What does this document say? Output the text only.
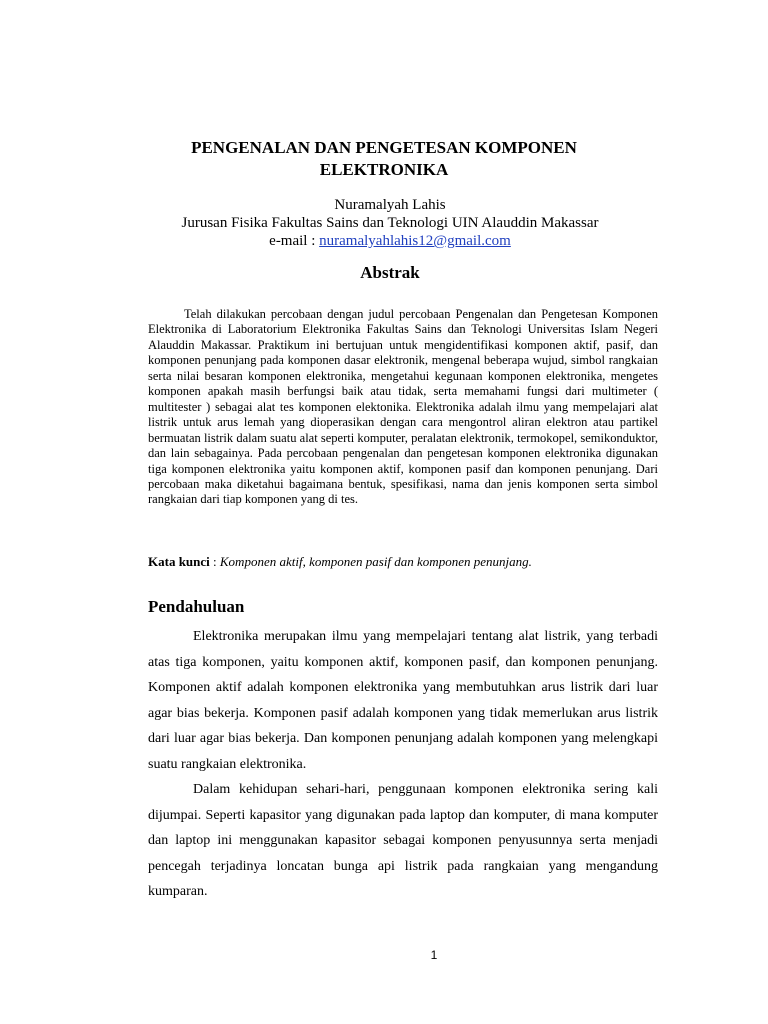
PENGENALAN DAN PENGETESAN KOMPONEN
ELEKTRONIKA
Nuramalyah Lahis
Jurusan Fisika Fakultas Sains dan Teknologi UIN Alauddin Makassar
e-mail : nuramalyahlahis12@gmail.com
Abstrak
Telah dilakukan percobaan dengan judul percobaan Pengenalan dan Pengetesan Komponen Elektronika di Laboratorium Elektronika Fakultas Sains dan Teknologi Universitas Islam Negeri Alauddin Makassar. Praktikum ini bertujuan untuk mengidentifikasi komponen aktif, pasif, dan komponen penunjang pada komponen dasar elektronik, mengenal beberapa wujud, simbol rangkaian serta nilai besaran komponen elektronika, mengetahui kegunaan komponen elektronika, mengetes komponen apakah masih berfungsi baik atau tidak, serta memahami fungsi dari multimeter ( multitester ) sebagai alat tes komponen elektonika. Elektronika adalah ilmu yang mempelajari alat listrik untuk arus lemah yang dioperasikan dengan cara mengontrol aliran elektron atau partikel bermuatan listrik dalam suatu alat seperti komputer, peralatan elektronik, termokopel, semikonduktor, dan lain sebagainya. Pada percobaan pengenalan dan pengetesan komponen elektronika digunakan tiga komponen elektronika yaitu komponen aktif, komponen pasif dan komponen penunjang. Dari percobaan maka diketahui bagaimana bentuk, spesifikasi, nama dan jenis komponen serta simbol rangkaian dari tiap komponen yang di tes.
Kata kunci : Komponen aktif, komponen pasif dan komponen penunjang.
Pendahuluan

Elektronika merupakan ilmu yang mempelajari tentang alat listrik, yang terbadi atas tiga komponen, yaitu komponen aktif, komponen pasif, dan komponen penunjang. Komponen aktif adalah komponen elektronika yang membutuhkan arus listrik dari luar agar bias bekerja. Komponen pasif adalah komponen yang tidak memerlukan arus listrik dari luar agar bias bekerja. Dan komponen penunjang adalah komponen yang melengkapi suatu rangkaian elektronika.

Dalam kehidupan sehari-hari, penggunaan komponen elektronika sering kali dijumpai. Seperti kapasitor yang digunakan pada laptop dan komputer, di mana komputer dan laptop ini menggunakan kapasitor sebagai komponen penyusunnya serta menjadi pencegah terjadinya loncatan bunga api listrik pada rangkaian yang mengandung kumparan.

1
